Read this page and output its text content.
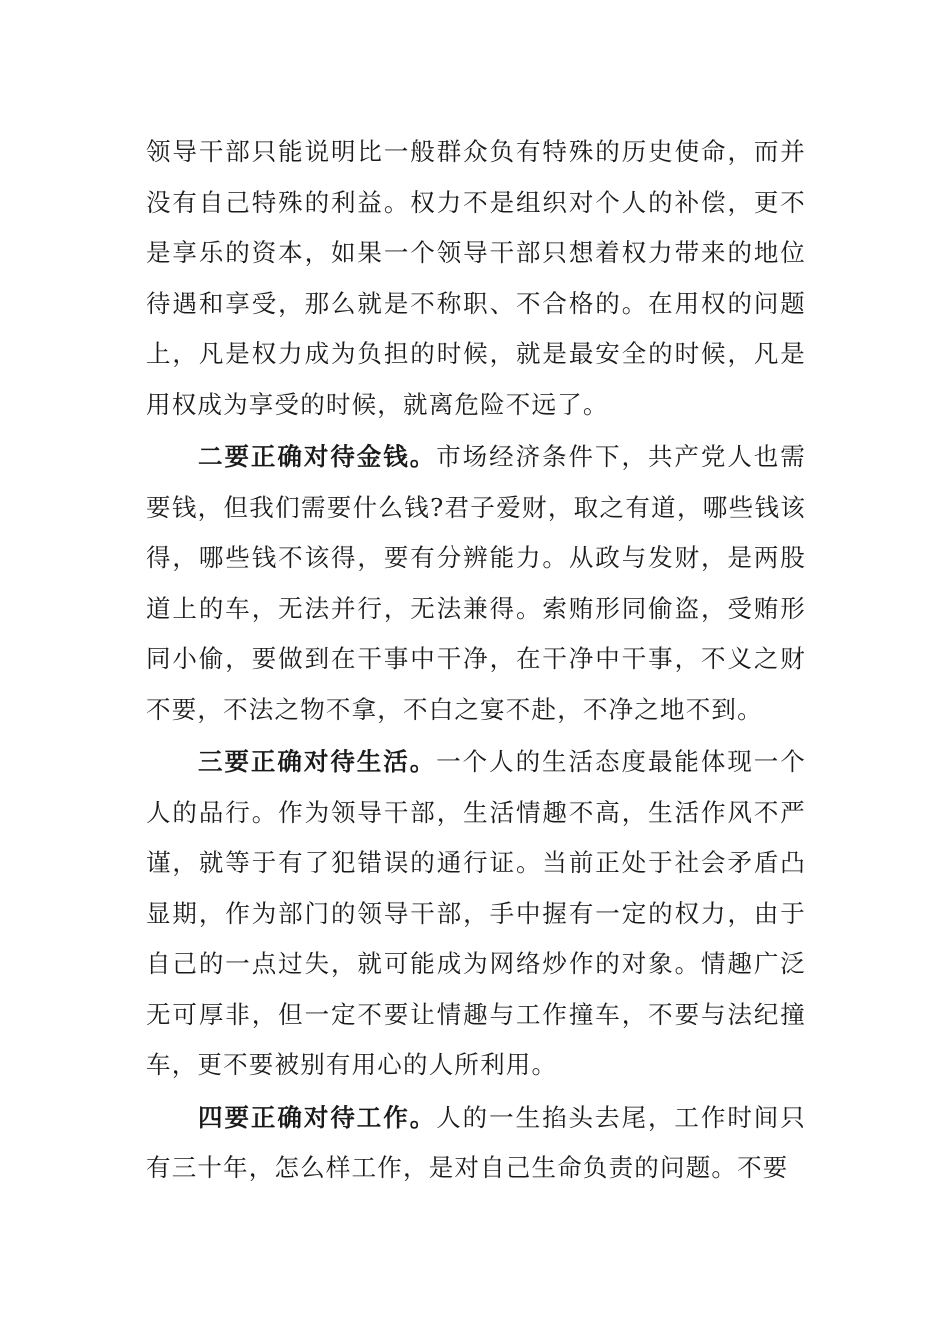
领导干部只能说明比一般群众负有特殊的历史使命，而并没有自己特殊的利益。权力不是组织对个人的补偿，更不是享乐的资本，如果一个领导干部只想着权力带来的地位待遇和享受，那么就是不称职、不合格的。在用权的问题上，凡是权力成为负担的时候，就是最安全的时候，凡是用权成为享受的时候，就离危险不远了。

二要正确对待金钱。市场经济条件下，共产党人也需要钱，但我们需要什么钱?君子爱财，取之有道，哪些钱该得，哪些钱不该得，要有分辨能力。从政与发财，是两股道上的车，无法并行，无法兼得。索贿形同偷盗，受贿形同小偷，要做到在干事中干净，在干净中干事，不义之财不要，不法之物不拿，不白之宴不赴，不净之地不到。

三要正确对待生活。一个人的生活态度最能体现一个人的品行。作为领导干部，生活情趣不高，生活作风不严谨，就等于有了犯错误的通行证。当前正处于社会矛盾凸显期，作为部门的领导干部，手中握有一定的权力，由于自己的一点过失，就可能成为网络炒作的对象。情趣广泛无可厚非，但一定不要让情趣与工作撞车，不要与法纪撞车，更不要被别有用心的人所利用。

四要正确对待工作。人的一生掐头去尾，工作时间只有三十年，怎么样工作，是对自己生命负责的问题。不要
